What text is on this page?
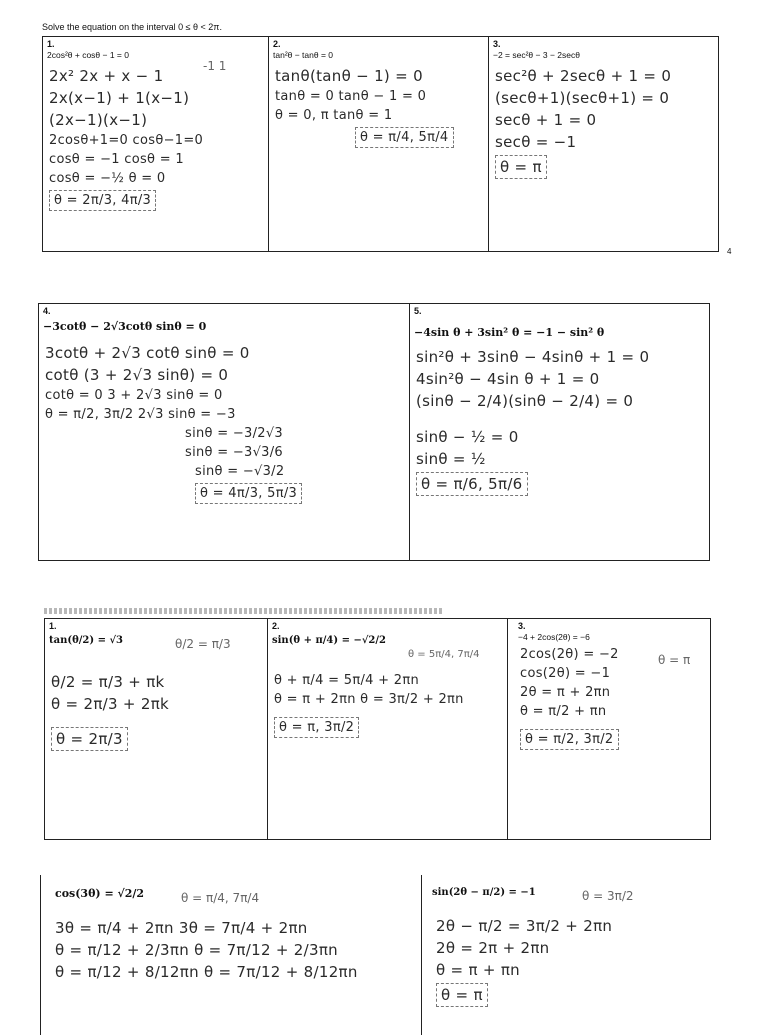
Solve the equation on the interval 0 ≤ θ < 2π.
4
1.
2cos²θ + cosθ − 1 = 0
-1 1
2x² 2x + x − 1
2x(x−1) + 1(x−1)
(2x−1)(x−1)
2cosθ+1=0 cosθ−1=0
cosθ = −1 cosθ = 1
cosθ = −½ θ = 0
θ = 2π/3, 4π/3
2.
tan²θ − tanθ = 0
tanθ(tanθ − 1) = 0
tanθ = 0 tanθ − 1 = 0
θ = 0, π tanθ = 1
θ = π/4, 5π/4
3.
−2 = sec²θ − 3 − 2secθ
sec²θ + 2secθ + 1 = 0
(secθ+1)(secθ+1) = 0
secθ + 1 = 0
secθ = −1
θ = π
4.
−3cotθ − 2√3cotθ sinθ = 0
3cotθ + 2√3 cotθ sinθ = 0
cotθ (3 + 2√3 sinθ) = 0
cotθ = 0 3 + 2√3 sinθ = 0
θ = π/2, 3π/2 2√3 sinθ = −3
sinθ = −3/2√3
sinθ = −3√3/6
sinθ = −√3/2
θ = 4π/3, 5π/3
5.
−4sin θ + 3sin² θ = −1 − sin² θ
sin²θ + 3sinθ − 4sinθ + 1 = 0
4sin²θ − 4sin θ + 1 = 0
(sinθ − 2/4)(sinθ − 2/4) = 0
sinθ − ½ = 0
sinθ = ½
θ = π/6, 5π/6
1.
tan(θ/2) = √3	θ/2 = π/3
θ/2 = π/3 + πk
θ = 2π/3 + 2πk
θ = 2π/3
2.
sin(θ + π/4) = −√2/2
θ = 5π/4, 7π/4
θ + π/4 = 5π/4 + 2πn
θ = π + 2πn θ = 3π/2 + 2πn
θ = π, 3π/2
3.
−4 + 2cos(2θ) = −6
θ = π
2cos(2θ) = −2
cos(2θ) = −1
2θ = π + 2πn
θ = π/2 + πn
θ = π/2, 3π/2
cos(3θ) = √2/2	θ = π/4, 7π/4
3θ = π/4 + 2πn 3θ = 7π/4 + 2πn
θ = π/12 + 2/3πn θ = 7π/12 + 2/3πn
θ = π/12 + 8/12πn θ = 7π/12 + 8/12πn
sin(2θ − π/2) = −1	θ = 3π/2
2θ − π/2 = 3π/2 + 2πn
2θ = 2π + 2πn
θ = π + πn
θ = π
